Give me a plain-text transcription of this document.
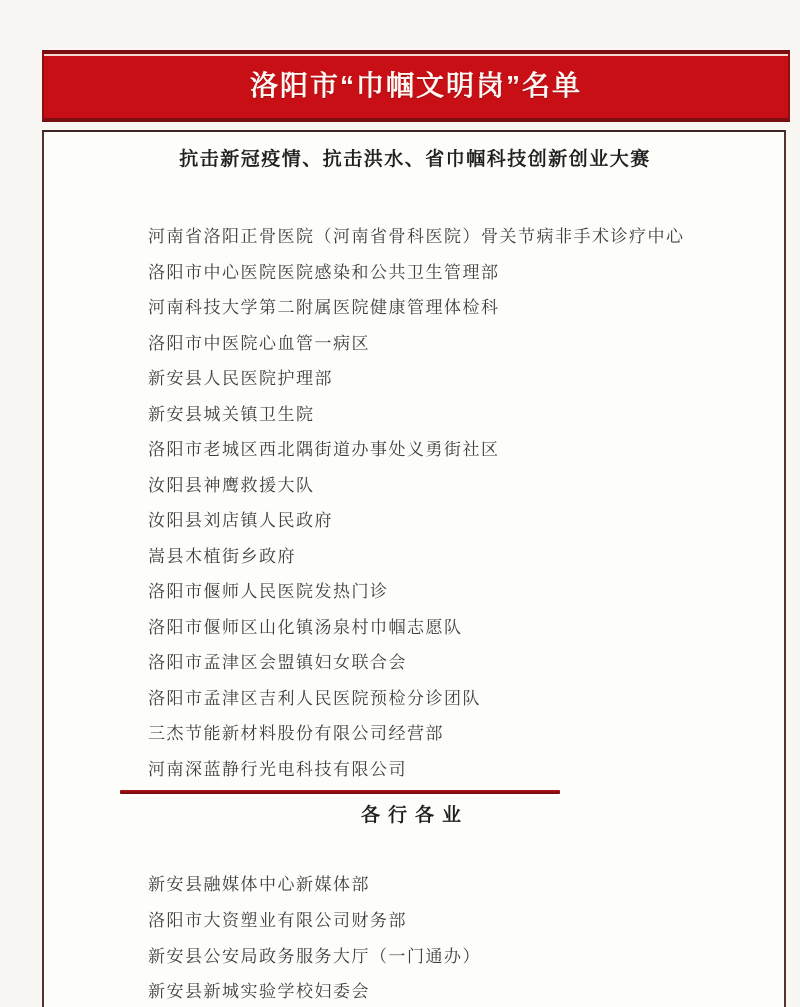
洛阳市“巾帼文明岗”名单
抗击新冠疫情、抗击洪水、省巾帼科技创新创业大赛
河南省洛阳正骨医院（河南省骨科医院）骨关节病非手术诊疗中心
洛阳市中心医院医院感染和公共卫生管理部
河南科技大学第二附属医院健康管理体检科
洛阳市中医院心血管一病区
新安县人民医院护理部
新安县城关镇卫生院
洛阳市老城区西北隅街道办事处义勇街社区
汝阳县神鹰救援大队
汝阳县刘店镇人民政府
嵩县木植街乡政府
洛阳市偃师人民医院发热门诊
洛阳市偃师区山化镇汤泉村巾帼志愿队
洛阳市孟津区会盟镇妇女联合会
洛阳市孟津区吉利人民医院预检分诊团队
三杰节能新材料股份有限公司经营部
河南深蓝静行光电科技有限公司
各行各业
新安县融媒体中心新媒体部
洛阳市大资塑业有限公司财务部
新安县公安局政务服务大厅（一门通办）
新安县新城实验学校妇委会
